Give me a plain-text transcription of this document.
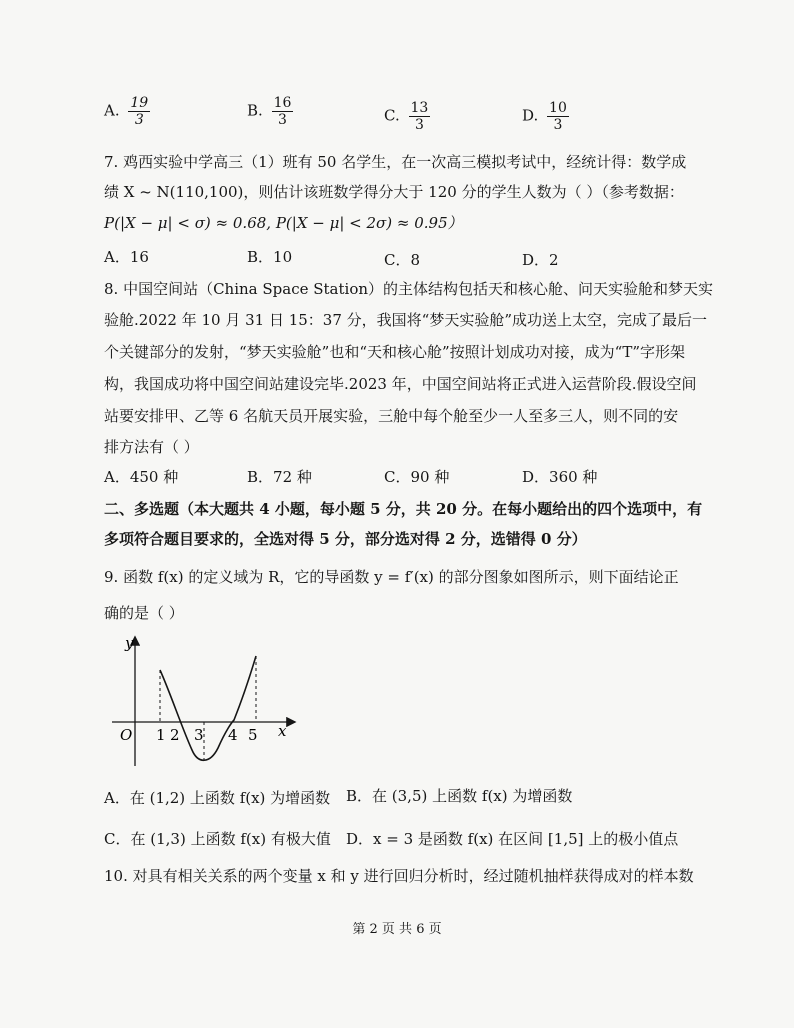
A. $\frac{19}{3}$	B. $\frac{16}{3}$	C. $\frac{13}{3}$	D. $\frac{10}{3}$
7. 鸡西实验中学高三（1）班有 50 名学生，在一次高三模拟考试中，经统计得：数学成
绩 X ~ N(110,100)，则估计该班数学得分大于 120 分的学生人数为（ ）（参考数据：
P(|X − μ| < σ) ≈ 0.68, P(|X − μ| < 2σ) ≈ 0.95）
A．16	B．10	C．8	D．2
8. 中国空间站（China Space Station）的主体结构包括天和核心舱、问天实验舱和梦天实
验舱.2022 年 10 月 31 日 15：37 分，我国将“梦天实验舱”成功送上太空，完成了最后一
个关键部分的发射，“梦天实验舱”也和“天和核心舱”按照计划成功对接，成为“T”字形架
构，我国成功将中国空间站建设完毕.2023 年，中国空间站将正式进入运营阶段.假设空间
站要安排甲、乙等 6 名航天员开展实验，三舱中每个舱至少一人至多三人，则不同的安
排方法有（ ）
A．450 种	B．72 种	C．90 种	D．360 种
二、多选题（本大题共 4 小题，每小题 5 分，共 20 分。在每小题给出的四个选项中，有
多项符合题目要求的，全选对得 5 分，部分选对得 2 分，选错得 0 分）
9. 函数 f(x) 的定义域为 R，它的导函数 y = f′(x) 的部分图象如图所示，则下面结论正
确的是（ ）
y
x
O 1 2 3 4 5
A．在 (1,2) 上函数 f(x) 为增函数 B．在 (3,5) 上函数 f(x) 为增函数
C．在 (1,3) 上函数 f(x) 有极大值 D．x = 3 是函数 f(x) 在区间 [1,5] 上的极小值点
10. 对具有相关关系的两个变量 x 和 y 进行回归分析时，经过随机抽样获得成对的样本数
第 2 页 共 6 页
